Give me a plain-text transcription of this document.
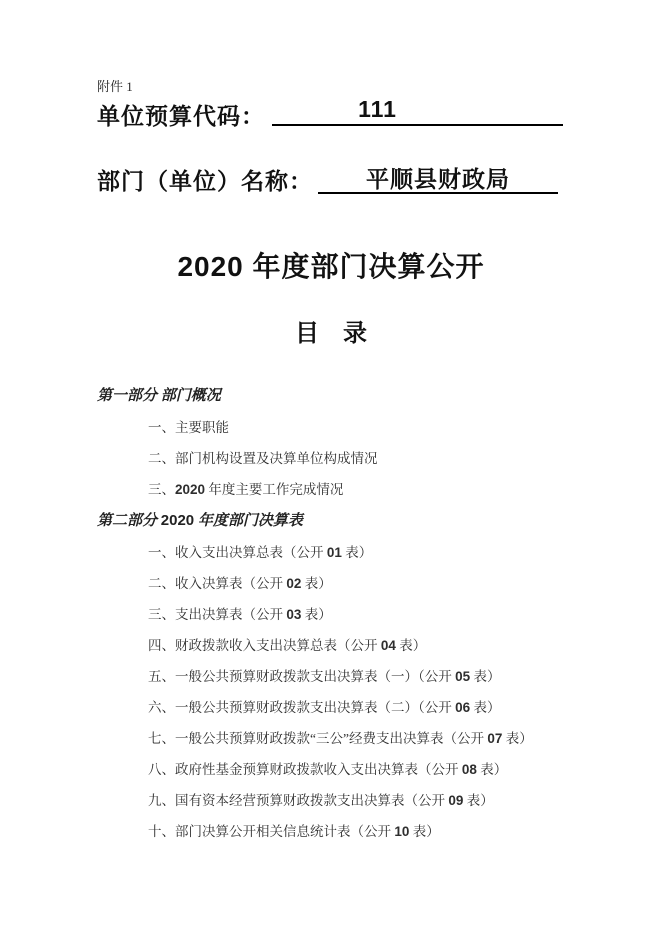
附件 1
单位预算代码：	111
部门（单位）名称：	平顺县财政局
2020 年度部门决算公开
目　录
第一部分 部门概况
一、主要职能
二、部门机构设置及决算单位构成情况
三、2020 年度主要工作完成情况
第二部分 2020 年度部门决算表
一、收入支出决算总表（公开 01 表）
二、收入决算表（公开 02 表）
三、支出决算表（公开 03 表）
四、财政拨款收入支出决算总表（公开 04 表）
五、一般公共预算财政拨款支出决算表（一）（公开 05 表）
六、一般公共预算财政拨款支出决算表（二）（公开 06 表）
七、一般公共预算财政拨款“三公”经费支出决算表（公开 07 表）
八、政府性基金预算财政拨款收入支出决算表（公开 08 表）
九、国有资本经营预算财政拨款支出决算表（公开 09 表）
十、部门决算公开相关信息统计表（公开 10 表）
